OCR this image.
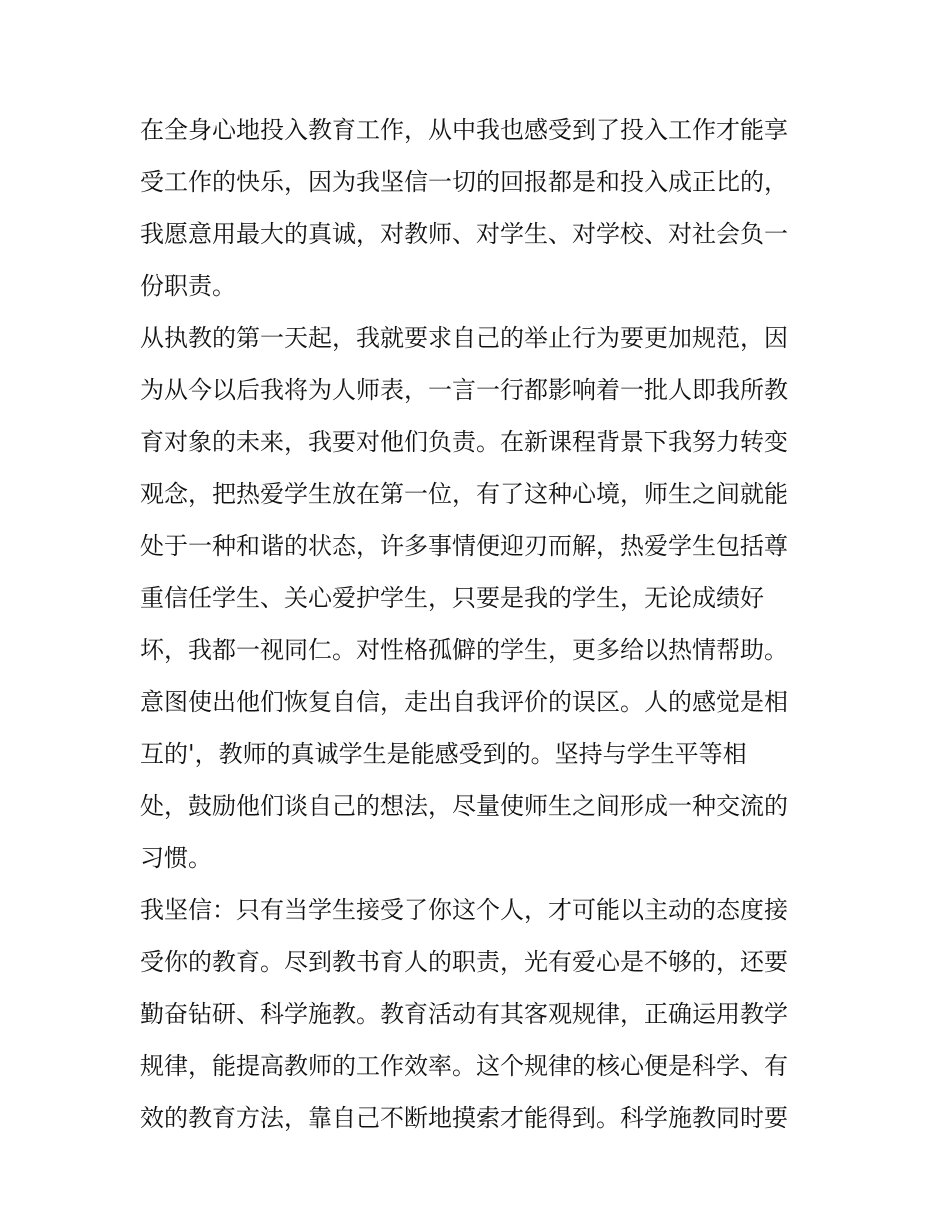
在全身心地投入教育工作，从中我也感受到了投入工作才能享
受工作的快乐，因为我坚信一切的回报都是和投入成正比的，
我愿意用最大的真诚，对教师、对学生、对学校、对社会负一
份职责。
从执教的第一天起，我就要求自己的举止行为要更加规范，因
为从今以后我将为人师表，一言一行都影响着一批人即我所教
育对象的未来，我要对他们负责。在新课程背景下我努力转变
观念，把热爱学生放在第一位，有了这种心境，师生之间就能
处于一种和谐的状态，许多事情便迎刃而解，热爱学生包括尊
重信任学生、关心爱护学生，只要是我的学生，无论成绩好
坏，我都一视同仁。对性格孤僻的学生，更多给以热情帮助。
意图使出他们恢复自信，走出自我评价的误区。人的感觉是相
互的'，教师的真诚学生是能感受到的。坚持与学生平等相
处，鼓励他们谈自己的想法，尽量使师生之间形成一种交流的
习惯。
我坚信：只有当学生接受了你这个人，才可能以主动的态度接
受你的教育。尽到教书育人的职责，光有爱心是不够的，还要
勤奋钻研、科学施教。教育活动有其客观规律，正确运用教学
规律，能提高教师的工作效率。这个规律的核心便是科学、有
效的教育方法，靠自己不断地摸索才能得到。科学施教同时要
